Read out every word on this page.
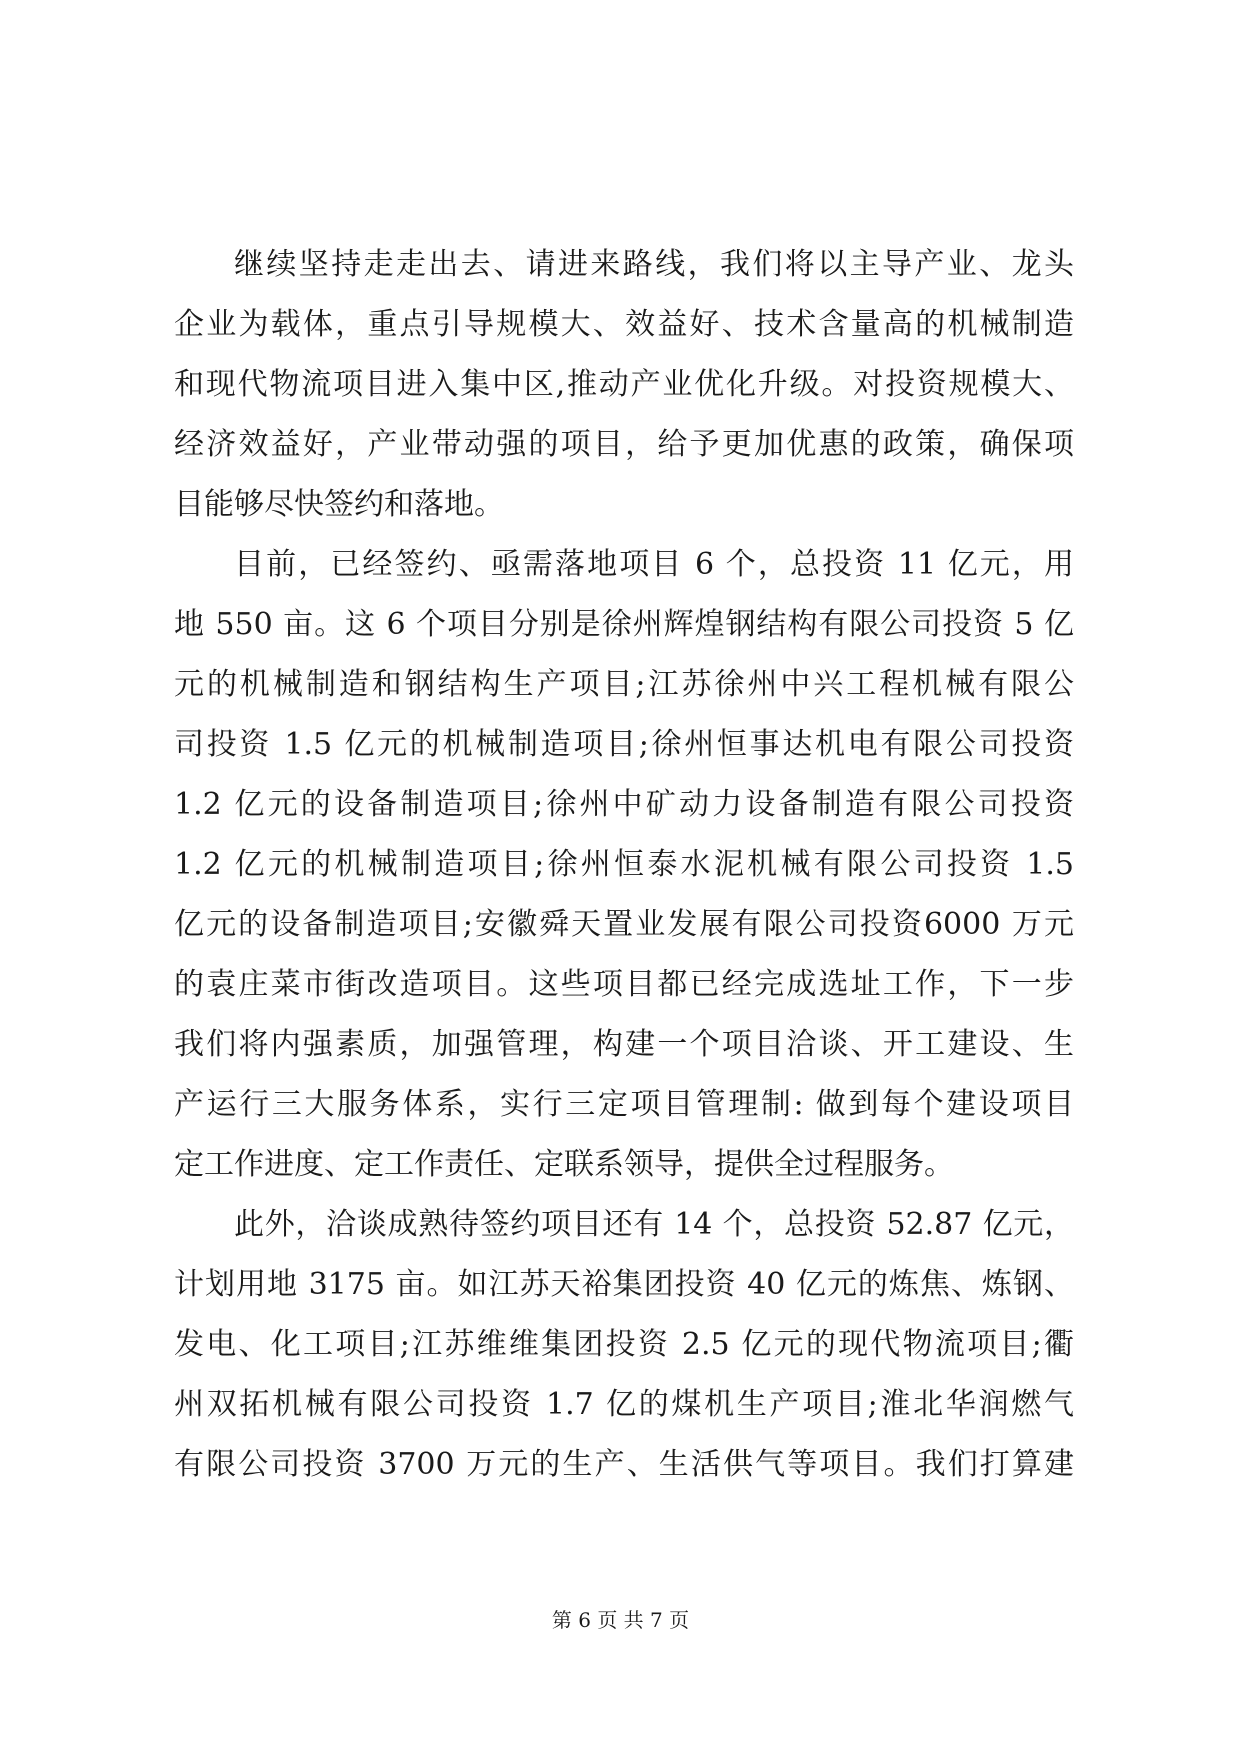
继续坚持走走出去、请进来路线，我们将以主导产业、龙头
企业为载体，重点引导规模大、效益好、技术含量高的机械制造
和现代物流项目进入集中区,推动产业优化升级。对投资规模大、
经济效益好，产业带动强的项目，给予更加优惠的政策，确保项
目能够尽快签约和落地。
目前，已经签约、亟需落地项目 6 个，总投资 11 亿元，用
地 550 亩。这 6 个项目分别是徐州辉煌钢结构有限公司投资 5 亿
元的机械制造和钢结构生产项目;江苏徐州中兴工程机械有限公
司投资 1.5 亿元的机械制造项目;徐州恒事达机电有限公司投资
1.2 亿元的设备制造项目;徐州中矿动力设备制造有限公司投资
1.2 亿元的机械制造项目;徐州恒泰水泥机械有限公司投资 1.5
亿元的设备制造项目;安徽舜天置业发展有限公司投资6000 万元
的袁庄菜市街改造项目。这些项目都已经完成选址工作，下一步
我们将内强素质，加强管理，构建一个项目洽谈、开工建设、生
产运行三大服务体系，实行三定项目管理制: 做到每个建设项目
定工作进度、定工作责任、定联系领导，提供全过程服务。
此外，洽谈成熟待签约项目还有 14 个，总投资 52.87 亿元，
计划用地 3175 亩。如江苏天裕集团投资 40 亿元的炼焦、炼钢、
发电、化工项目;江苏维维集团投资 2.5 亿元的现代物流项目;衢
州双拓机械有限公司投资 1.7 亿的煤机生产项目;淮北华润燃气
有限公司投资 3700 万元的生产、生活供气等项目。我们打算建
第 6 页 共 7 页
